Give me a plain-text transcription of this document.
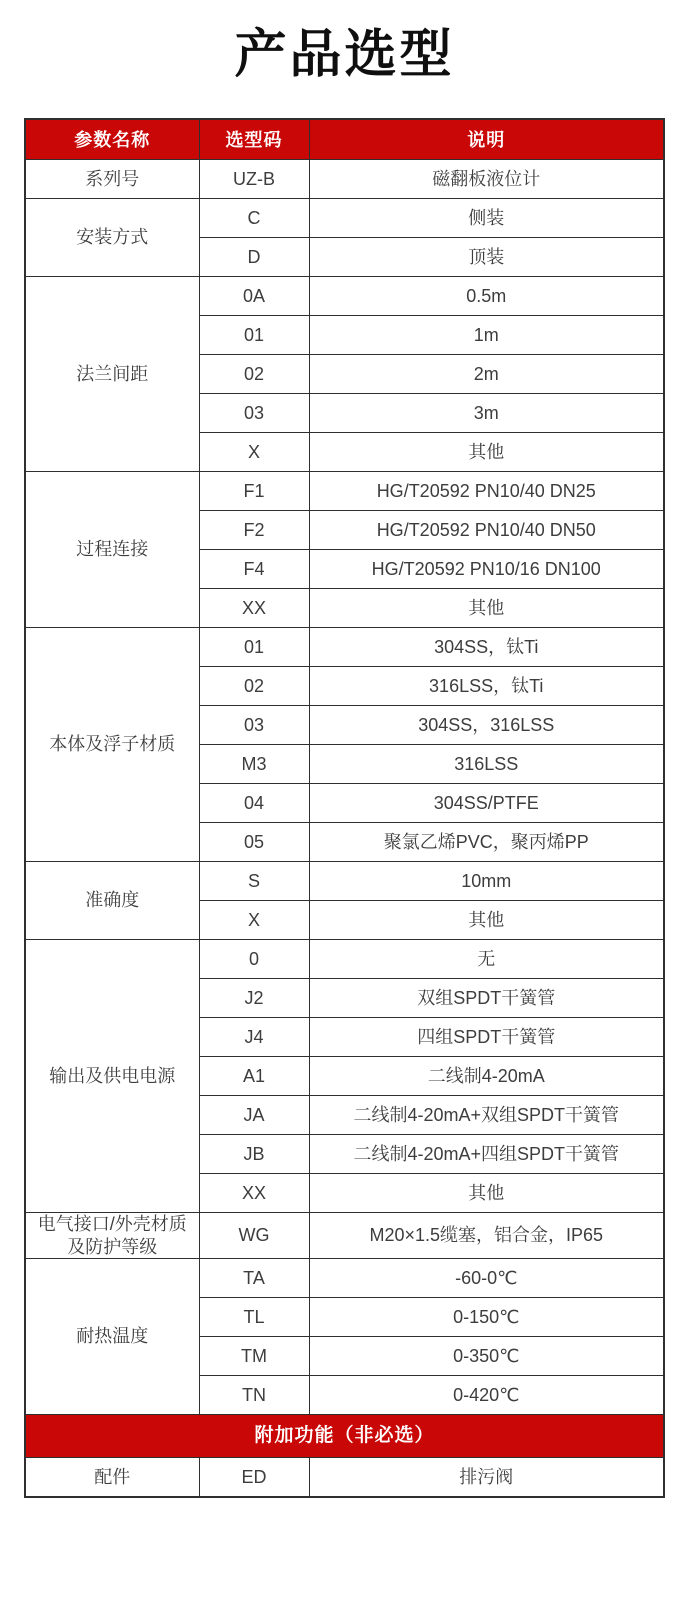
产品选型
参数名称	选型码	说明
系列号	UZ-B	磁翻板液位计
安装方式	C	侧装
	D	顶装
法兰间距	0A	0.5m
	01	1m
	02	2m
	03	3m
	X	其他
过程连接	F1	HG/T20592 PN10/40 DN25
	F2	HG/T20592 PN10/40 DN50
	F4	HG/T20592 PN10/16 DN100
	XX	其他
本体及浮子材质	01	304SS，钛Ti
	02	316LSS，钛Ti
	03	304SS，316LSS
	M3	316LSS
	04	304SS/PTFE
	05	聚氯乙烯PVC，聚丙烯PP
准确度	S	10mm
	X	其他
输出及供电电源	0	无
	J2	双组SPDT干簧管
	J4	四组SPDT干簧管
	A1	二线制4-20mA
	JA	二线制4-20mA+双组SPDT干簧管
	JB	二线制4-20mA+四组SPDT干簧管
	XX	其他
电气接口/外壳材质及防护等级	WG	M20×1.5缆塞，铝合金，IP65
耐热温度	TA	-60-0℃
	TL	0-150℃
	TM	0-350℃
	TN	0-420℃
附加功能（非必选）		
配件	ED	排污阀
